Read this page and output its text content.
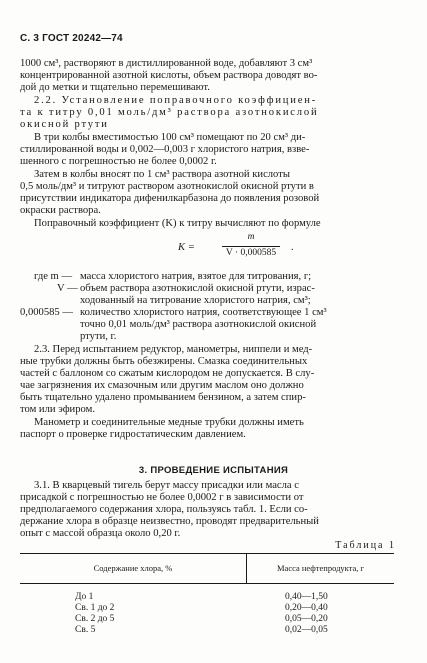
С. 3 ГОСТ 20242—74
1000 см³, растворяют в дистиллированной воде, добавляют 3 см³
концентрированной азотной кислоты, объем раствора доводят во-
дой до метки и тщательно перемешивают.
2.2. Установление поправочного коэффициен-
та к титру 0,01 моль/дм³ раствора азотнокислой
окисной ртути
В три колбы вместимостью 100 см³ помещают по 20 см³ ди-
стиллированной воды и 0,002—0,003 г хлористого натрия, взве-
шенного с погрешностью не более 0,0002 г.
Затем в колбы вносят по 1 см³ раствора азотной кислоты
0,5 моль/дм³ и титруют раствором азотнокислой окисной ртути в
присутствии индикатора дифенилкарбазона до появления розовой
окраски раствора.
Поправочный коэффициент (K) к титру вычисляют по формуле
K =
m
V · 0,000585	.
где m — масса хлористого натрия, взятое для титрования, г;
V — объем раствора азотнокислой окисной ртути, израс-
ходованный на титрование хлористого натрия, см³;
0,000585 — количество хлористого натрия, соответствующее 1 см³
точно 0,01 моль/дм³ раствора азотнокислой окисной
ртути, г.
2.3. Перед испытанием редуктор, манометры, ниппели и мед-
ные трубки должны быть обезжирены. Смазка соединительных
частей с баллоном со сжатым кислородом не допускается. В слу-
чае загрязнения их смазочным или другим маслом оно должно
быть тщательно удалено промыванием бензином, а затем спир-
том или эфиром.
Манометр и соединительные медные трубки должны иметь
паспорт о проверке гидростатическим давлением.
3. ПРОВЕДЕНИЕ ИСПЫТАНИЯ
3.1. В кварцевый тигель берут массу присадки или масла с
присадкой с погрешностью не более 0,0002 г в зависимости от
предполагаемого содержания хлора, пользуясь табл. 1. Если со-
держание хлора в образце неизвестно, проводят предварительный
опыт с массой образца около 0,20 г.
Таблица 1
Содержание хлора, %	Масса нефтепродукта, г
До 1	0,40—1,50
Св. 1 до 2	0,20—0,40
Св. 2 до 5	0,05—0,20
Св. 5	0,02—0,05
